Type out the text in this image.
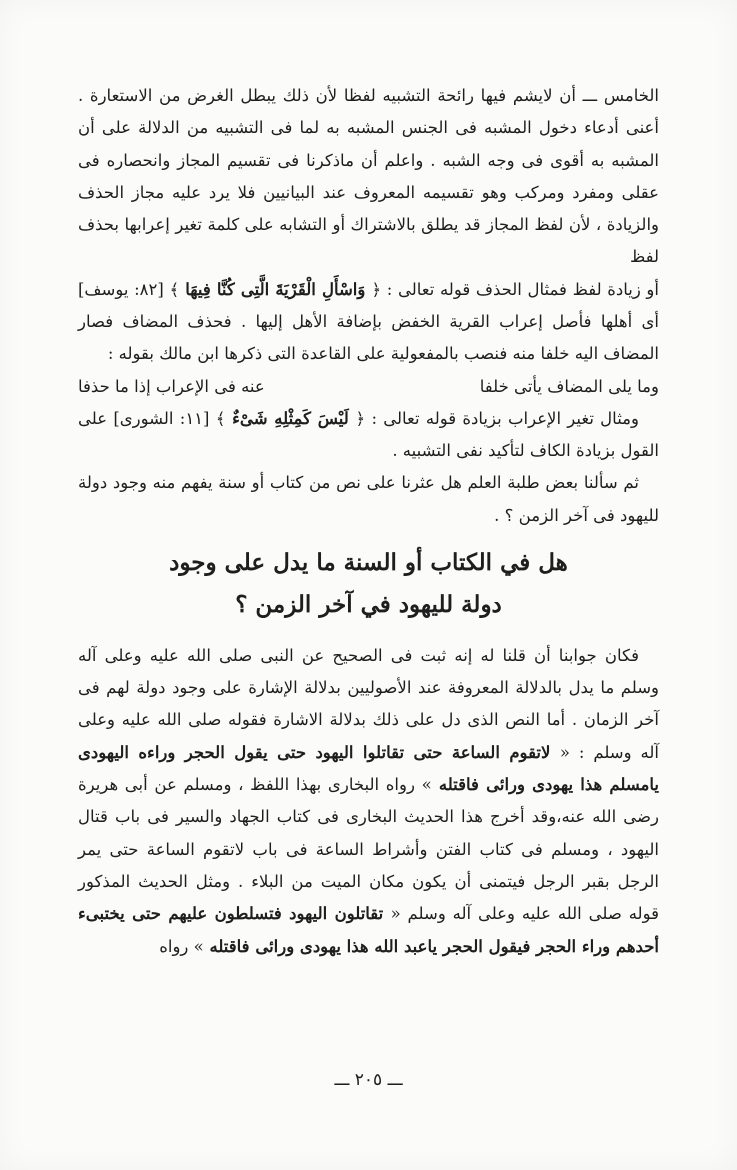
الخامس ـــ أن لايشم فيها رائحة التشبيه لفظا لأن ذلك يبطل الغرض من الاستعارة . أعنى أدعاء دخول المشبه فى الجنس المشبه به لما فى التشبيه من الدلالة على أن المشبه به أقوى فى وجه الشبه . واعلم أن ماذكرنا فى تقسيم المجاز وانحصاره فى عقلى ومفرد ومركب وهو تقسيمه المعروف عند البيانيين فلا يرد عليه مجاز الحذف والزيادة ، لأن لفظ المجاز قد يطلق بالاشتراك أو التشابه على كلمة تغير إعرابها بحذف لفظ

أو زيادة لفظ فمثال الحذف قوله تعالى : ﴿ وَاسْأَلِ الْقَرْيَةَ الَّتِى كُنَّا فِيهَا ﴾ [٨٢: يوسف] أى أهلها فأصل إعراب القرية الخفض بإضافة الأهل إليها . فحذف المضاف فصار المضاف اليه خلفا منه فنصب بالمفعولية على القاعدة التى ذكرها ابن مالك بقوله :

وما يلى المضاف يأتى خلفا
عنه فى الإعراب إذا ما حذفا

ومثال تغير الإعراب بزيادة قوله تعالى : ﴿ لَيْسَ كَمِثْلِهِ شَىْءٌ ﴾ [١١: الشورى] على القول بزيادة الكاف لتأكيد نفى التشبيه .

ثم سألنا بعض طلبة العلم هل عثرنا على نص من كتاب أو سنة يفهم منه وجود دولة لليهود فى آخر الزمن ؟ .

هل في الكتاب أو السنة ما يدل على وجود

دولة لليهود في آخر الزمن ؟

فكان جوابنا أن قلنا له إنه ثبت فى الصحيح عن النبى صلى الله عليه وعلى آله وسلم ما يدل بالدلالة المعروفة عند الأصوليين بدلالة الإشارة على وجود دولة لهم فى آخر الزمان . أما النص الذى دل على ذلك بدلالة الاشارة فقوله صلى الله عليه وعلى آله وسلم : « لاتقوم الساعة حتى تقاتلوا اليهود حتى يقول الحجر وراءه اليهودى يامسلم هذا يهودى ورائى فاقتله » رواه البخارى بهذا اللفظ ، ومسلم عن أبى هريرة رضى الله عنه،وقد أخرج هذا الحديث البخارى فى كتاب الجهاد والسير فى باب قتال اليهود ، ومسلم فى كتاب الفتن وأشراط الساعة فى باب لاتقوم الساعة حتى يمر الرجل بقبر الرجل فيتمنى أن يكون مكان الميت من البلاء . ومثل الحديث المذكور قوله صلى الله عليه وعلى آله وسلم « تقاتلون اليهود فتسلطون عليهم حتى يختبىء أحدهم وراء الحجر فيقول الحجر ياعبد الله هذا يهودى ورائى فاقتله » رواه

ـــ ٢٠٥ ـــ
